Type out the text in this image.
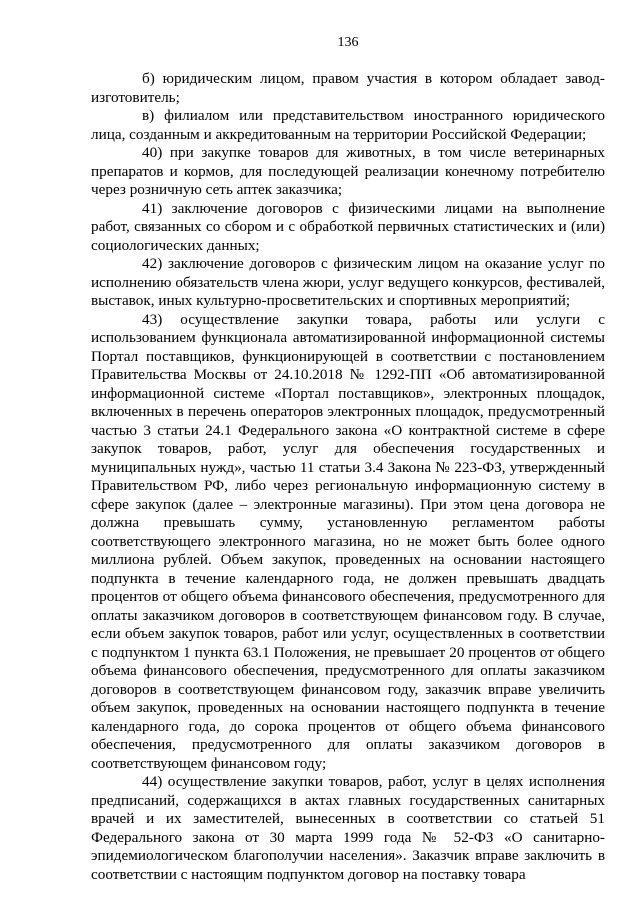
136

б) юридическим лицом, правом участия в котором обладает завод-изготовитель;

в) филиалом или представительством иностранного юридического лица, созданным и аккредитованным на территории Российской Федерации;

40) при закупке товаров для животных, в том числе ветеринарных препаратов и кормов, для последующей реализации конечному потребителю через розничную сеть аптек заказчика;

41) заключение договоров с физическими лицами на выполнение работ, связанных со сбором и с обработкой первичных статистических и (или) социологических данных;

42) заключение договоров с физическим лицом на оказание услуг по исполнению обязательств члена жюри, услуг ведущего конкурсов, фестивалей, выставок, иных культурно-просветительских и спортивных мероприятий;

43) осуществление закупки товара, работы или услуги с использованием функционала автоматизированной информационной системы Портал поставщиков, функционирующей в соответствии с постановлением Правительства Москвы от 24.10.2018 № 1292-ПП «Об автоматизированной информационной системе «Портал поставщиков», электронных площадок, включенных в перечень операторов электронных площадок, предусмотренный частью 3 статьи 24.1 Федерального закона «О контрактной системе в сфере закупок товаров, работ, услуг для обеспечения государственных и муниципальных нужд», частью 11 статьи 3.4 Закона № 223-ФЗ, утвержденный Правительством РФ, либо через региональную информационную систему в сфере закупок (далее – электронные магазины). При этом цена договора не должна превышать сумму, установленную регламентом работы соответствующего электронного магазина, но не может быть более одного миллиона рублей. Объем закупок, проведенных на основании настоящего подпункта в течение календарного года, не должен превышать двадцать процентов от общего объема финансового обеспечения, предусмотренного для оплаты заказчиком договоров в соответствующем финансовом году. В случае, если объем закупок товаров, работ или услуг, осуществленных в соответствии с подпунктом 1 пункта 63.1 Положения, не превышает 20 процентов от общего объема финансового обеспечения, предусмотренного для оплаты заказчиком договоров в соответствующем финансовом году, заказчик вправе увеличить объем закупок, проведенных на основании настоящего подпункта в течение календарного года, до сорока процентов от общего объема финансового обеспечения, предусмотренного для оплаты заказчиком договоров в соответствующем финансовом году;

44) осуществление закупки товаров, работ, услуг в целях исполнения предписаний, содержащихся в актах главных государственных санитарных врачей и их заместителей, вынесенных в соответствии со статьей 51 Федерального закона от 30 марта 1999 года № 52-ФЗ «О санитарно-эпидемиологическом благополучии населения». Заказчик вправе заключить в соответствии с настоящим подпунктом договор на поставку товара
